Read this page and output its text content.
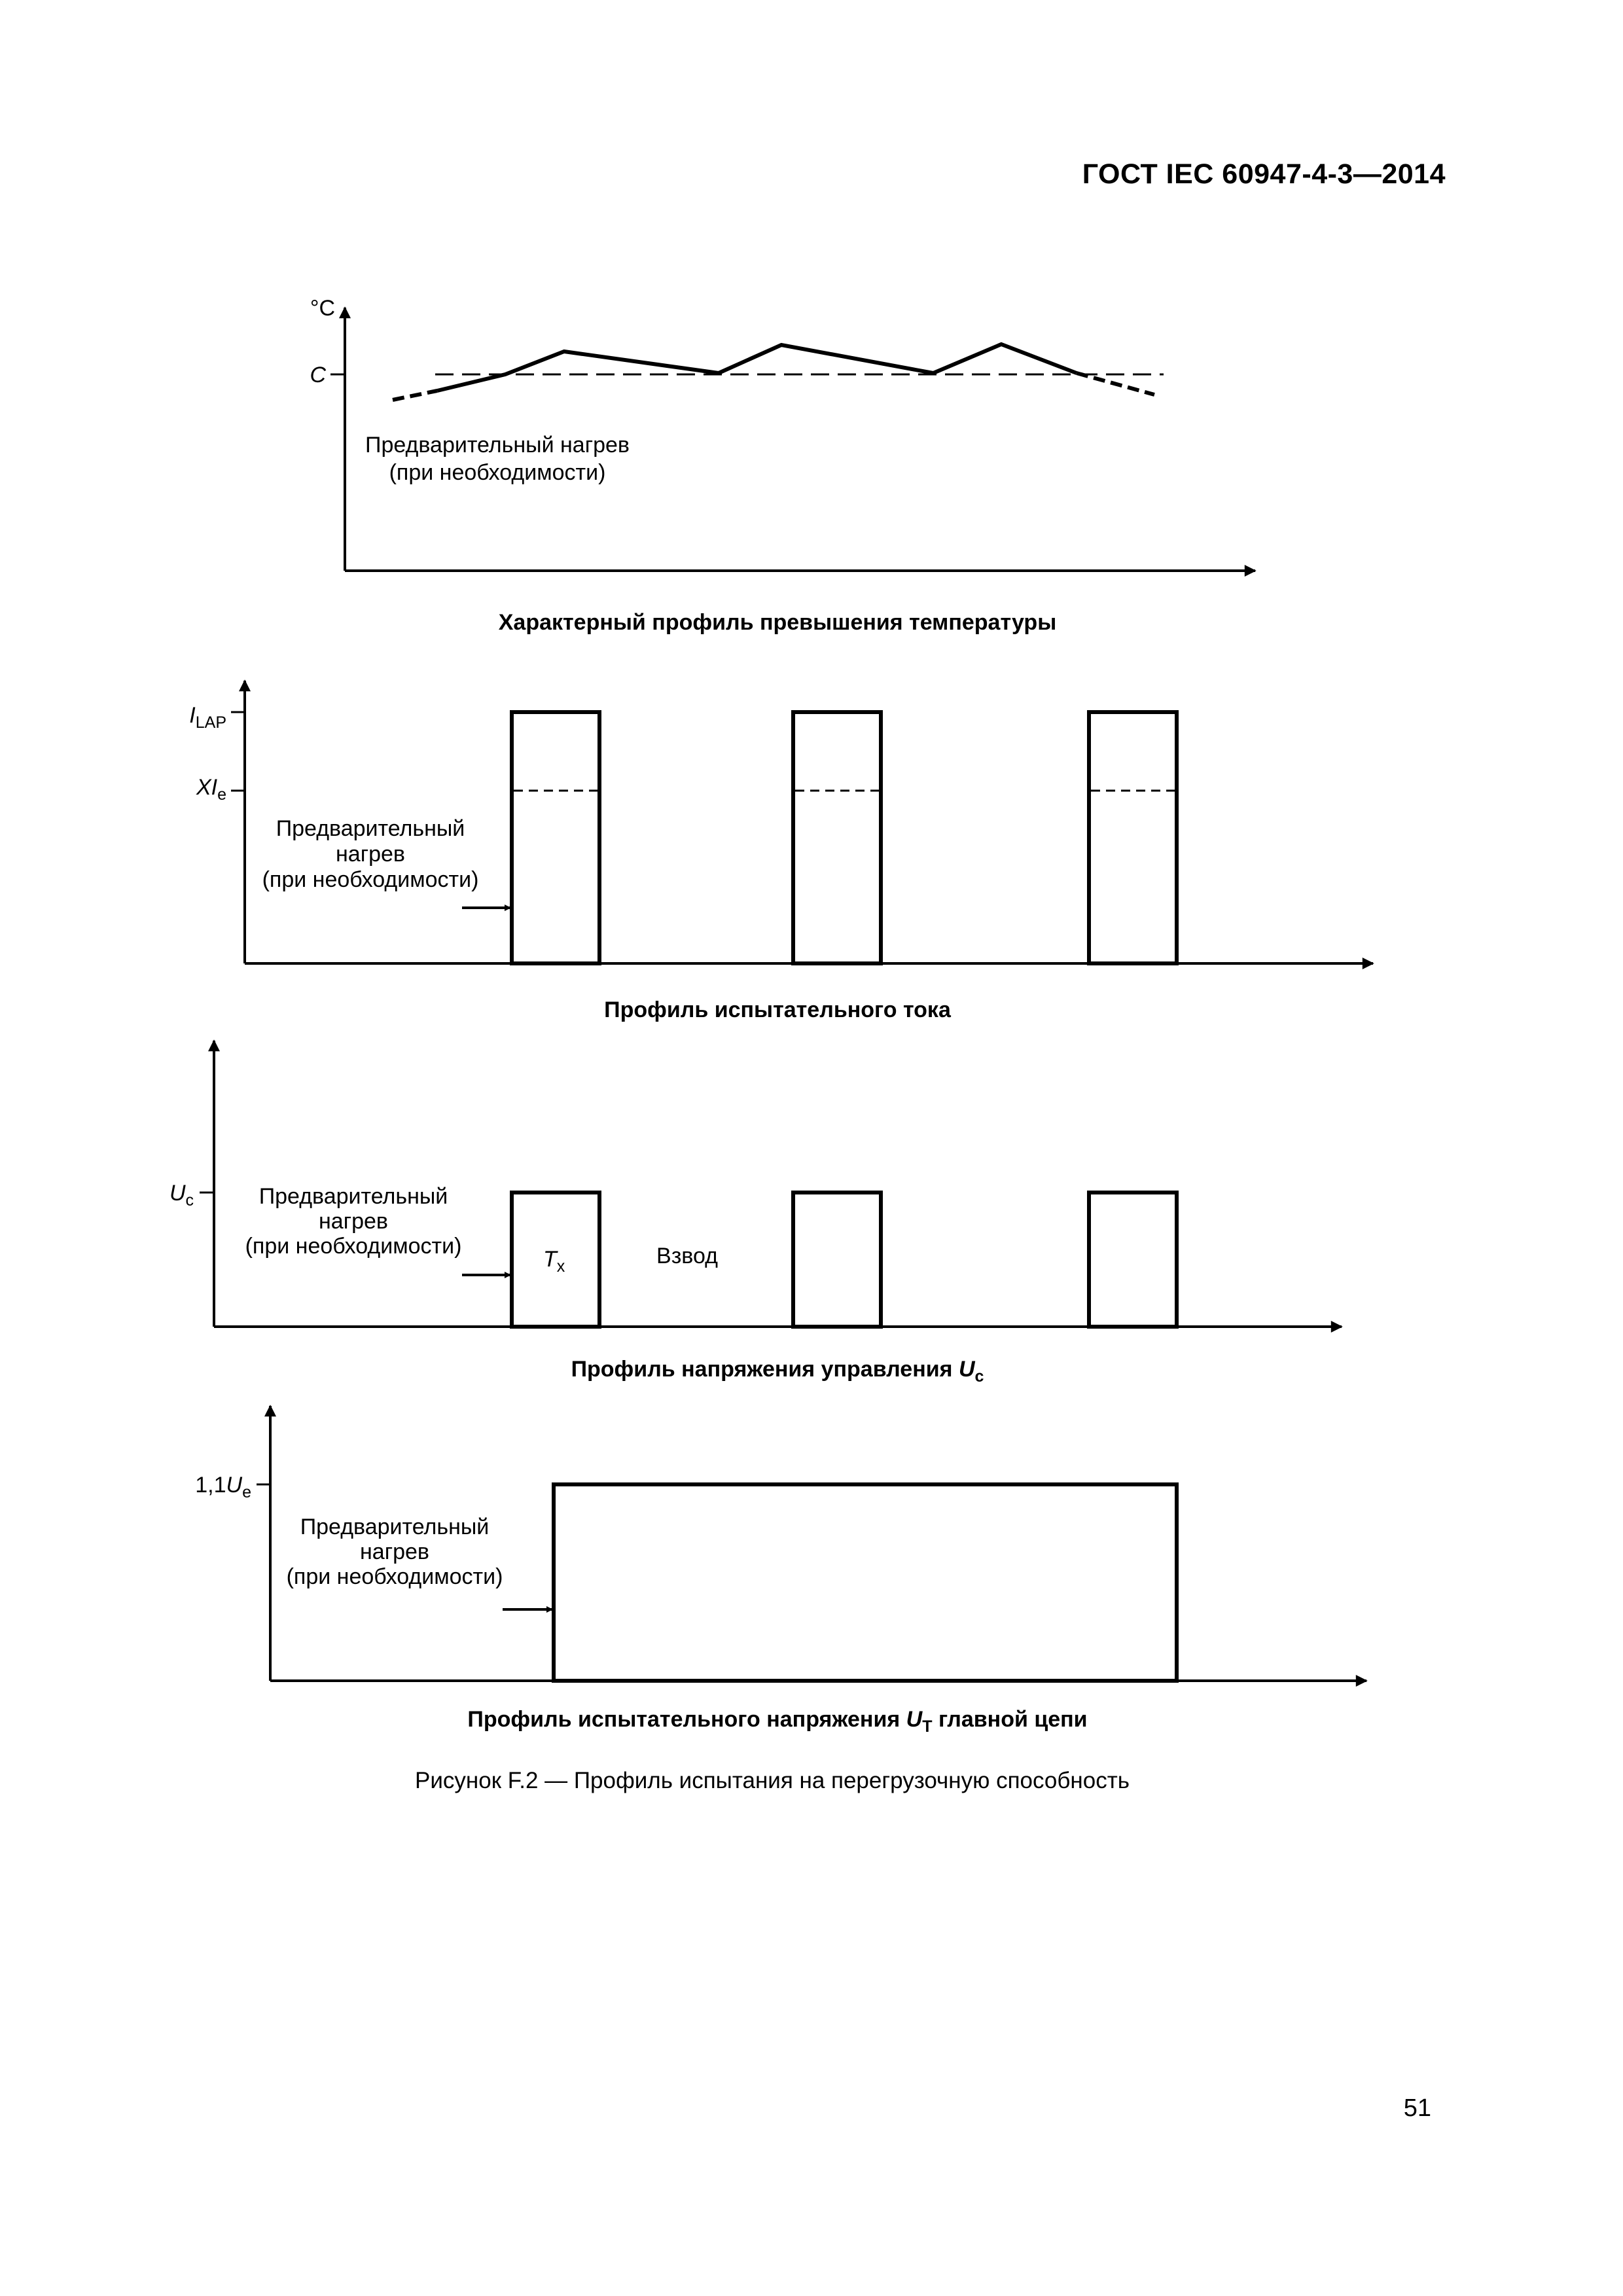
ГОСТ IEC 60947-4-3—2014
°C
C
Предварительный нагрев
(при необходимости)
Характерный профиль превышения температуры
$I_{LAP}$
$XI_e$
Предварительный
нагрев
(при необходимости)
Профиль испытательного тока
$U_c$
$T_x$	Взвод
Предварительный
нагрев
(при необходимости)
Профиль напряжения управления $U_c$
$1,1U_e$
Предварительный
нагрев
(при необходимости)
Профиль испытательного напряжения $U_T$ главной цепи
Рисунок F.2 — Профиль испытания на перегрузочную способность
51
